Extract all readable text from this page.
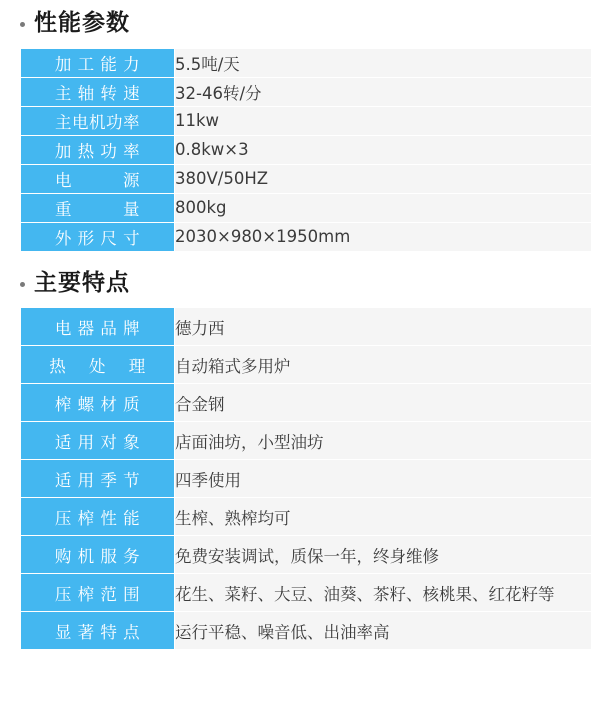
性能参数
加 工 能 力	5.5吨/天

主 轴 转 速	32-46转/分

主电机功率	11kw

加 热 功 率	0.8kw×3

电　　　源	380V/50HZ

重　　　量	800kg

外 形 尺 寸	2030×980×1950mm
主要特点
电 器 品 牌	德力西

热 　处 　理	自动箱式多用炉

榨 螺 材 质	合金钢

适 用 对 象	店面油坊，小型油坊

适 用 季 节	四季使用

压 榨 性 能	生榨、熟榨均可

购 机 服 务	免费安装调试，质保一年，终身维修

压 榨 范 围	花生、菜籽、大豆、油葵、茶籽、核桃果、红花籽等

显 著 特 点	运行平稳、噪音低、出油率高
